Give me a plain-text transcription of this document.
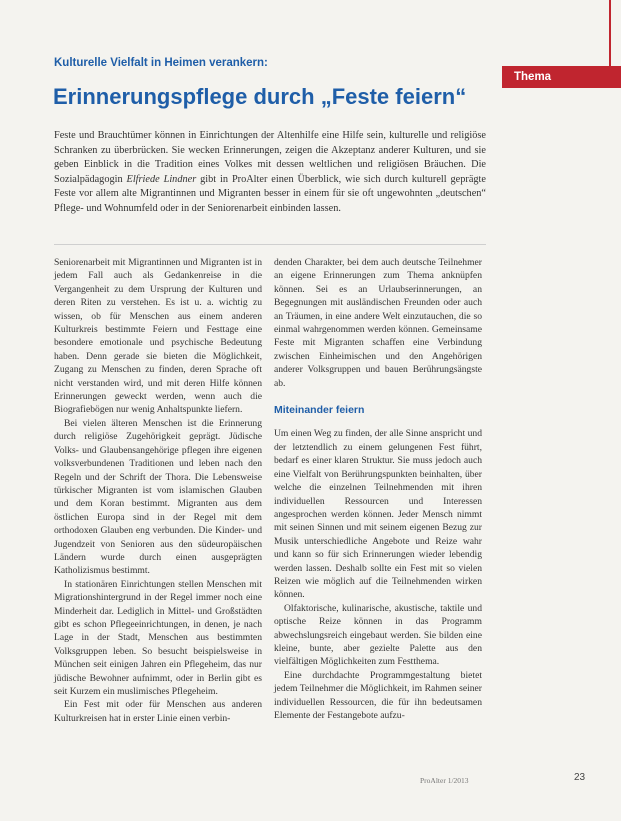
Kulturelle Vielfalt in Heimen verankern:
Thema
Erinnerungspflege durch „Feste feiern“
Feste und Brauchtümer können in Einrichtungen der Altenhilfe eine Hilfe sein, kulturelle und religiöse Schranken zu überbrücken. Sie wecken Erinnerungen, zeigen die Akzeptanz anderer Kulturen, und sie geben Einblick in die Tradition eines Volkes mit dessen weltlichen und religiösen Bräuchen. Die Sozialpädagogin Elfriede Lindner gibt in ProAlter einen Überblick, wie sich durch kulturell geprägte Feste vor allem alte Migrantinnen und Migranten besser in einem für sie oft ungewohnten „deutschen“ Pflege- und Wohnumfeld oder in der Seniorenarbeit einbinden lassen.

Seniorenarbeit mit Migrantinnen und Migranten ist in jedem Fall auch als Gedankenreise in die Vergangenheit zu dem Ursprung der Kulturen und deren Riten zu verstehen. Es ist u. a. wichtig zu wissen, ob für Menschen aus einem anderen Kulturkreis bestimmte Feiern und Festtage eine besondere emotionale und psychische Bedeutung haben. Denn gerade sie bieten die Möglichkeit, Zugang zu Menschen zu finden, deren Sprache oft nicht verstanden wird, und mit deren Hilfe können Erinnerungen geweckt werden, wenn auch die Biografiebögen nur wenig Anhaltspunkte liefern.

Bei vielen älteren Menschen ist die Erinnerung durch religiöse Zugehörigkeit geprägt. Jüdische Volks- und Glaubensangehörige pflegen ihre eigenen volksverbundenen Traditionen und leben nach den Regeln und der Schrift der Thora. Die Lebensweise türkischer Migranten ist vom islamischen Glauben und dem Koran bestimmt. Migranten aus dem östlichen Europa sind in der Regel mit dem orthodoxen Glauben eng verbunden. Die Kinder- und Jugendzeit von Senioren aus den südeuropäischen Ländern wurde durch einen ausgeprägten Katholizismus bestimmt.

In stationären Einrichtungen stellen Menschen mit Migrationshintergrund in der Regel immer noch eine Minderheit dar. Lediglich in Mittel- und Großstädten gibt es schon Pflegeeinrichtungen, in denen, je nach Lage in der Stadt, Menschen aus bestimmten Volksgruppen leben. So besucht beispielsweise in München seit einigen Jahren ein Pflegeheim, das nur jüdische Bewohner aufnimmt, oder in Berlin gibt es seit Kurzem ein muslimisches Pflegeheim.

Ein Fest mit oder für Menschen aus anderen Kulturkreisen hat in erster Linie einen verbin-

denden Charakter, bei dem auch deutsche Teilnehmer an eigene Erinnerungen zum Thema anknüpfen können. Sei es an Urlaubserinnerungen, an Begegnungen mit ausländischen Freunden oder auch an Träumen, in eine andere Welt einzutauchen, die so einmal wahrgenommen werden können. Gemeinsame Feste mit Migranten schaffen eine Verbindung zwischen Einheimischen und den Angehörigen anderer Volksgruppen und bauen Berührungsängste ab.

Miteinander feiern

Um einen Weg zu finden, der alle Sinne anspricht und der letztendlich zu einem gelungenen Fest führt, bedarf es einer klaren Struktur. Sie muss jedoch auch eine Vielfalt von Berührungspunkten beinhalten, über welche die einzelnen Teilnehmenden mit ihren individuellen Ressourcen und Interessen angesprochen werden können. Jeder Mensch nimmt mit seinen Sinnen und mit seinem eigenen Bezug zur Musik unterschiedliche Angebote und Reize wahr und kann so für sich Erinnerungen wieder lebendig werden lassen. Deshalb sollte ein Fest mit so vielen Reizen wie möglich auf die Teilnehmenden wirken können.

Olfaktorische, kulinarische, akustische, taktile und optische Reize können in das Programm abwechslungsreich eingebaut werden. Sie bilden eine kleine, bunte, aber gezielte Palette aus den vielfältigen Möglichkeiten zum Festthema.

Eine durchdachte Programmgestaltung bietet jedem Teilnehmer die Möglichkeit, im Rahmen seiner individuellen Ressourcen, die für ihn bedeutsamen Elemente der Festangebote aufzu-

ProAlter 1/2013	23
